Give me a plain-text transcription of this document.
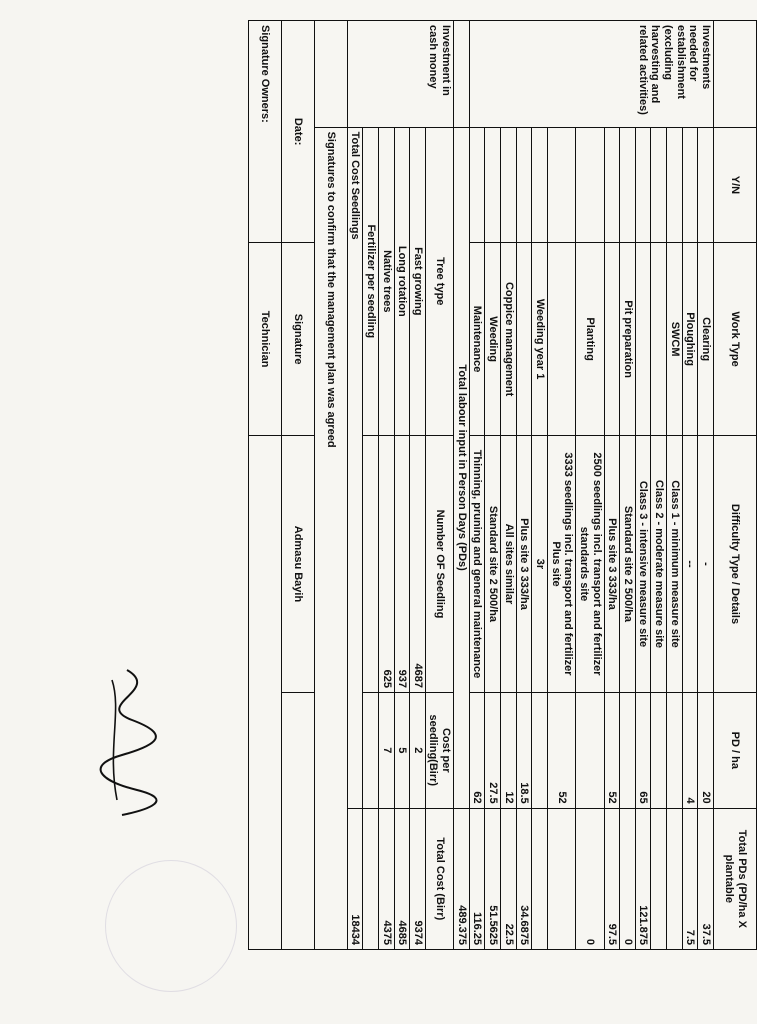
	Y/N	Work Type	Difficulty Type / Details	PD / ha	Total PDs (PD/ha X plantable
Investments needed for establishment (excluding harvesting and related activities)		Clearing	-	20	37.5
		Ploughing	--	4	7.5
		SWCM	Class 1 - minimum measure site		
			Class 2 - moderate measure site		
			Class 3 - intensive measure site	65	121.875
		Pit preparation	Standard site 2 500/ha		0
			Plus site 3 333/ha	52	97.5
		Planting	2500 seedlings incl. transport and fertilizer standards site		0
			3333 seedlings incl. transport and fertilizer Plus site	52	
		Weeding year 1	3r		
			Plus site 3 333/ha	18.5	34.6875
		Coppice management	All sites similar	12	22.5
		Weeding	Standard site 2 500/ha	27.5	51.5625
		Maintenance	Thinning, pruning and general maintenance	62	116.25
	Total labour input in Person Days (PDs)				489.375
Investment in cash money	Tree type		Number OF Seedling	Cost per seedling(Birr)	Total Cost (Birr)
	Fast growing		4687	2	9374
	Long rotation		937	5	4685
	Native trees		625	7	4375
	Fertilizer per seedling				
	Total Cost Seedlings				18434
	Signatures to confirm that the management plan was agreed				
Date:		Signature	Admasu Bayih		
Signature Owners:		Technician			
